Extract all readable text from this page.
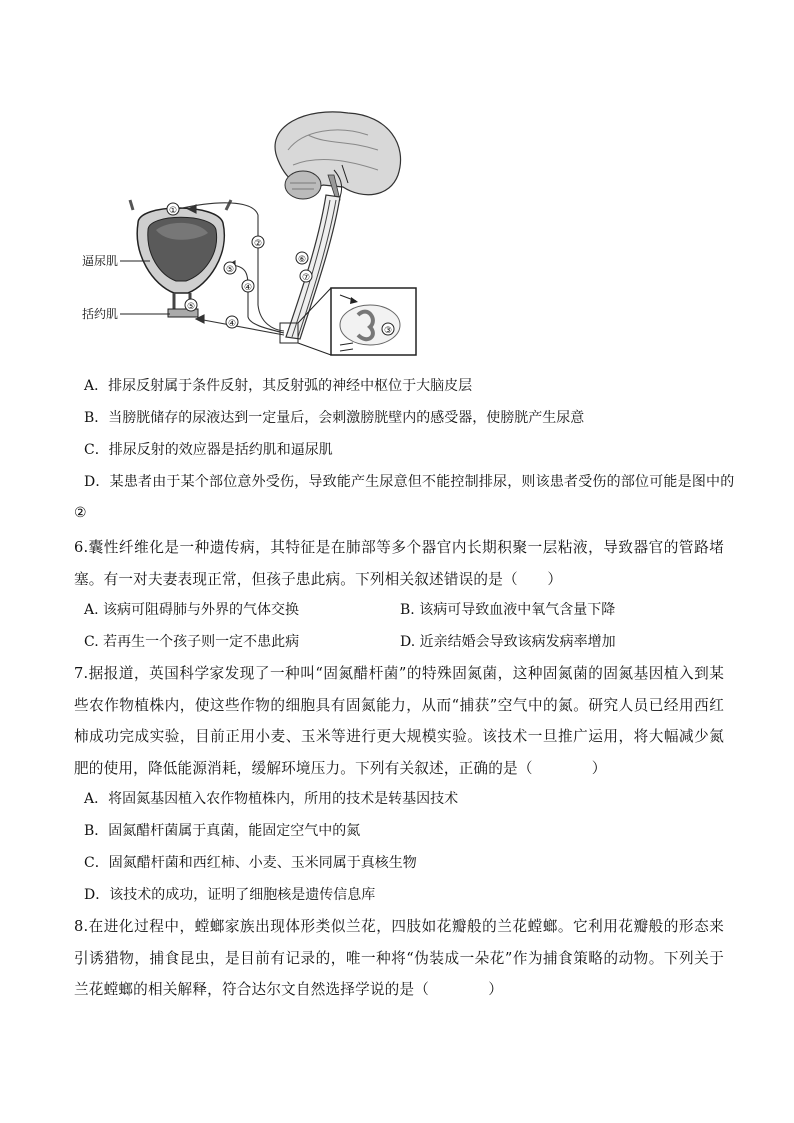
逼尿肌
括约肌
①
②
③
④
④
⑤
⑤
⑥
⑦
A．排尿反射属于条件反射，其反射弧的神经中枢位于大脑皮层
B．当膀胱储存的尿液达到一定量后，会刺激膀胱壁内的感受器，使膀胱产生尿意
C．排尿反射的效应器是括约肌和逼尿肌
D．某患者由于某个部位意外受伤，导致能产生尿意但不能控制排尿，则该患者受伤的部位可能是图中的
②
6.囊性纤维化是一种遗传病，其特征是在肺部等多个器官内长期积聚一层粘液，导致器官的管路堵塞。有一对夫妻表现正常，但孩子患此病。下列相关叙述错误的是（　　）
A. 该病可阻碍肺与外界的气体交换	B. 该病可导致血液中氧气含量下降
C. 若再生一个孩子则一定不患此病	D. 近亲结婚会导致该病发病率增加
7.据报道，英国科学家发现了一种叫“固氮醋杆菌”的特殊固氮菌，这种固氮菌的固氮基因植入到某些农作物植株内，使这些作物的细胞具有固氮能力，从而“捕获”空气中的氮。研究人员已经用西红柿成功完成实验，目前正用小麦、玉米等进行更大规模实验。该技术一旦推广运用，将大幅减少氮肥的使用，降低能源消耗，缓解环境压力。下列有关叙述，正确的是（　　　　）
A．将固氮基因植入农作物植株内，所用的技术是转基因技术
B．固氮醋杆菌属于真菌，能固定空气中的氮
C．固氮醋杆菌和西红柿、小麦、玉米同属于真核生物
D．该技术的成功，证明了细胞核是遗传信息库
8.在进化过程中，螳螂家族出现体形类似兰花，四肢如花瓣般的兰花螳螂。它利用花瓣般的形态来引诱猎物，捕食昆虫，是目前有记录的，唯一种将“伪装成一朵花”作为捕食策略的动物。下列关于兰花螳螂的相关解释，符合达尔文自然选择学说的是（　　　　）
